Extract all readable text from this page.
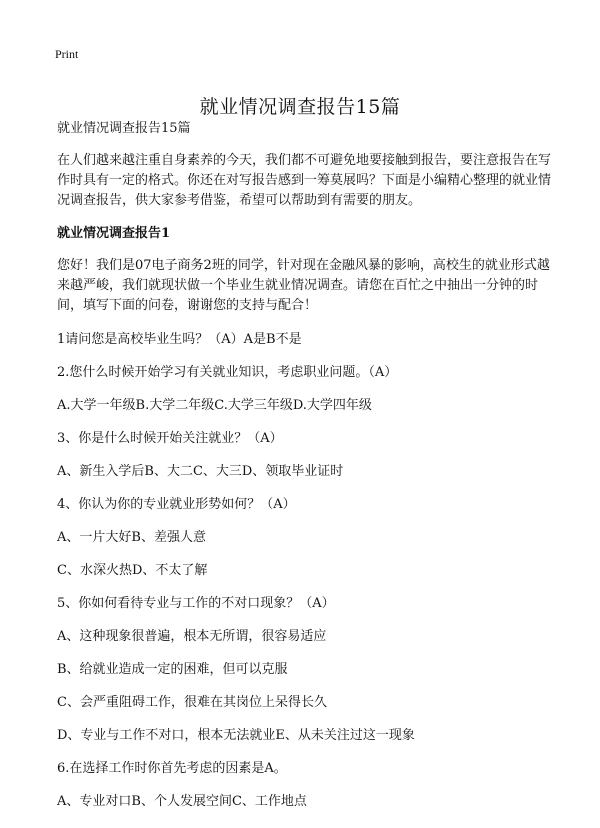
Print
就业情况调查报告15篇

就业情况调查报告15篇

在人们越来越注重自身素养的今天，我们都不可避免地要接触到报告，要注意报告在写作时具有一定的格式。你还在对写报告感到一筹莫展吗？下面是小编精心整理的就业情况调查报告，供大家参考借鉴，希望可以帮助到有需要的朋友。

就业情况调查报告1

您好！我们是07电子商务2班的同学，针对现在金融风暴的影响，高校生的就业形式越来越严峻，我们就现状做一个毕业生就业情况调查。请您在百忙之中抽出一分钟的时间，填写下面的问卷，谢谢您的支持与配合！

1请问您是高校毕业生吗？（A）A是B不是

2.您什么时候开始学习有关就业知识，考虑职业问题。（A）

A.大学一年级B.大学二年级C.大学三年级D.大学四年级

3、你是什么时候开始关注就业？（A）

A、新生入学后B、大二C、大三D、领取毕业证时

4、你认为你的专业就业形势如何？（A）

A、一片大好B、差强人意

C、水深火热D、不太了解

5、你如何看待专业与工作的不对口现象？（A）

A、这种现象很普遍，根本无所谓，很容易适应

B、给就业造成一定的困难，但可以克服

C、会严重阻碍工作，很难在其岗位上呆得长久

D、专业与工作不对口，根本无法就业E、从未关注过这一现象

6.在选择工作时你首先考虑的因素是A。

A、专业对口B、个人发展空间C、工作地点
